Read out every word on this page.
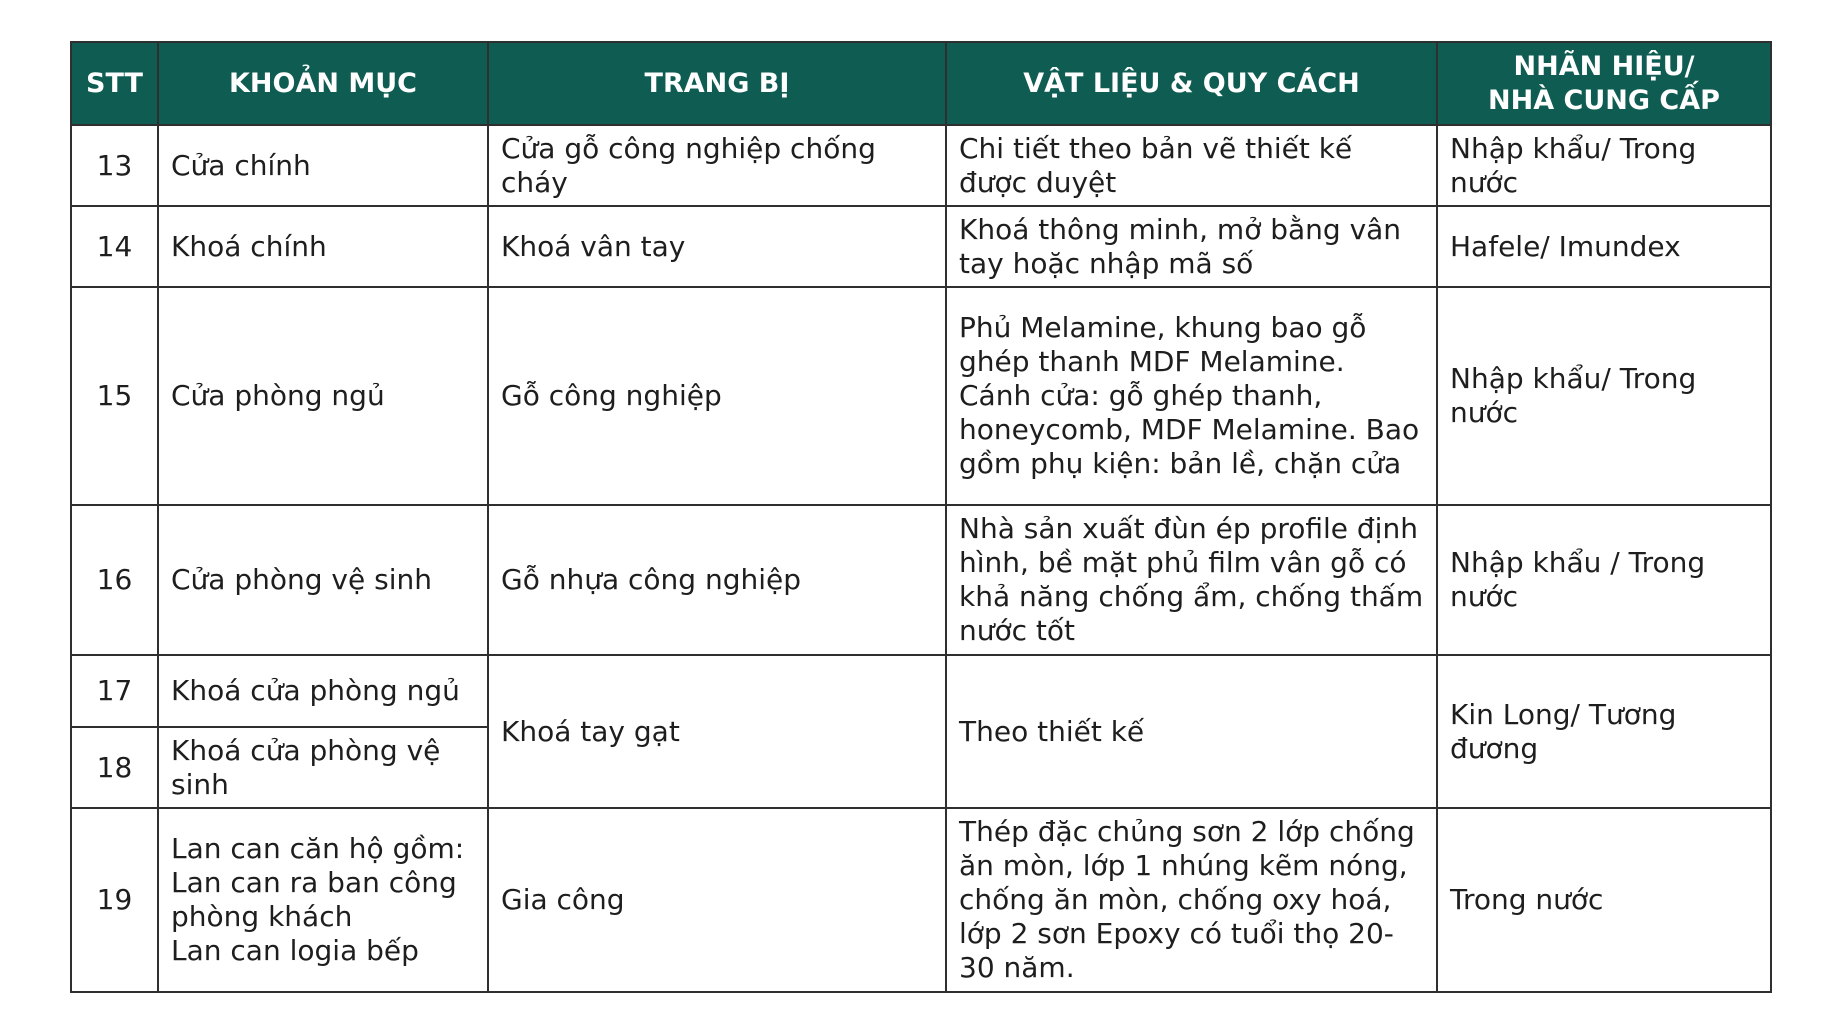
STT	KHOẢN MỤC	TRANG BỊ	VẬT LIỆU & QUY CÁCH	NHÃN HIỆU/
NHÀ CUNG CẤP
13	Cửa chính	Cửa gỗ công nghiệp chống cháy	Chi tiết theo bản vẽ thiết kế được duyệt	Nhập khẩu/ Trong nước
14	Khoá chính	Khoá vân tay	Khoá thông minh, mở bằng vân tay hoặc nhập mã số	Hafele/ Imundex
15	Cửa phòng ngủ	Gỗ công nghiệp	Phủ Melamine, khung bao gỗ ghép thanh MDF Melamine. Cánh cửa: gỗ ghép thanh, honeycomb, MDF Melamine. Bao gồm phụ kiện: bản lề, chặn cửa	Nhập khẩu/ Trong nước
16	Cửa phòng vệ sinh	Gỗ nhựa công nghiệp	Nhà sản xuất đùn ép profile định hình, bề mặt phủ film vân gỗ có khả năng chống ẩm, chống thấm nước tốt	Nhập khẩu / Trong nước
17	Khoá cửa phòng ngủ	Khoá tay gạt	Theo thiết kế	Kin Long/ Tương đương
18	Khoá cửa phòng vệ sinh			
19	Lan can căn hộ gồm:
Lan can ra ban công phòng khách
Lan can logia bếp	Gia công	Thép đặc chủng sơn 2 lớp chống ăn mòn, lớp 1 nhúng kẽm nóng, chống ăn mòn, chống oxy hoá, lớp 2 sơn Epoxy có tuổi thọ 20-30 năm.	Trong nước
